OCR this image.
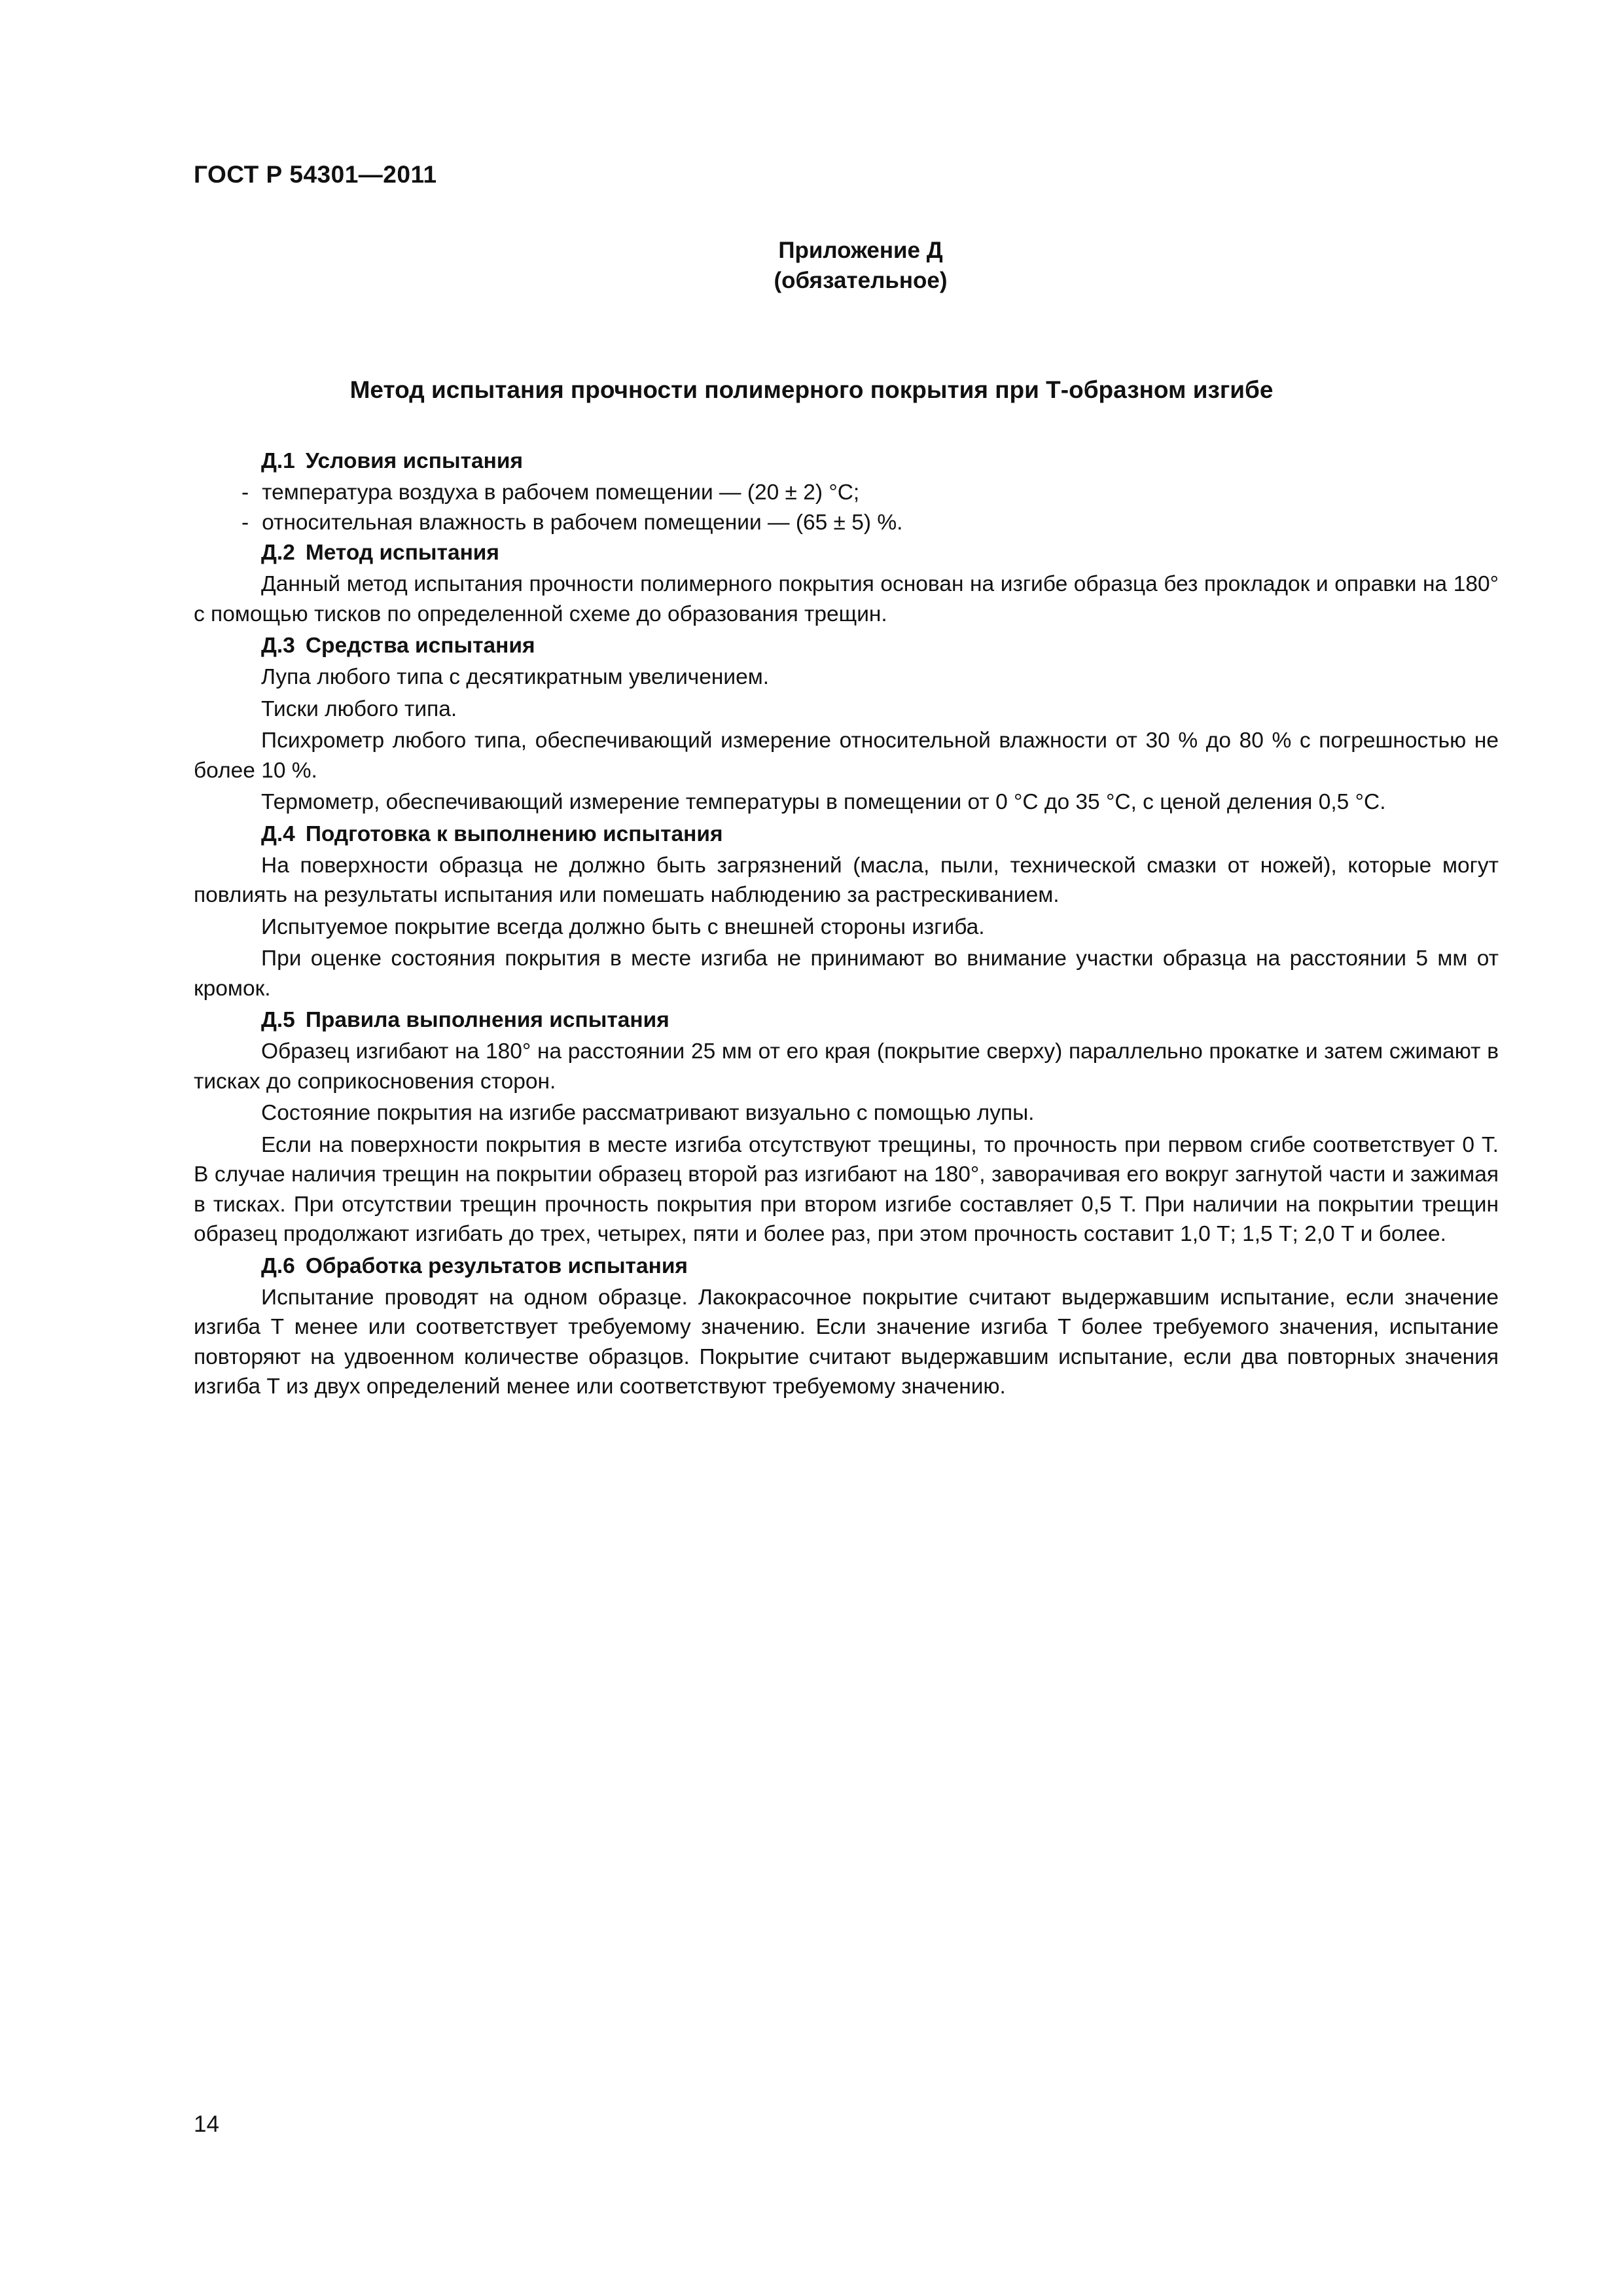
ГОСТ Р 54301—2011
Приложение Д
(обязательное)
Метод испытания прочности полимерного покрытия при Т-образном изгибе

Д.1 Условия испытания

- температура воздуха в рабочем помещении — (20 ± 2) °С;

- относительная влажность в рабочем помещении — (65 ± 5) %.

Д.2 Метод испытания

Данный метод испытания прочности полимерного покрытия основан на изгибе образца без прокладок и оправки на 180° с помощью тисков по определенной схеме до образования трещин.

Д.3 Средства испытания

Лупа любого типа с десятикратным увеличением.

Тиски любого типа.

Психрометр любого типа, обеспечивающий измерение относительной влажности от 30 % до 80 % с погрешностью не более 10 %.

Термометр, обеспечивающий измерение температуры в помещении от 0 °С до 35 °С, с ценой деления 0,5 °С.

Д.4 Подготовка к выполнению испытания

На поверхности образца не должно быть загрязнений (масла, пыли, технической смазки от ножей), которые могут повлиять на результаты испытания или помешать наблюдению за растрескиванием.

Испытуемое покрытие всегда должно быть с внешней стороны изгиба.

При оценке состояния покрытия в месте изгиба не принимают во внимание участки образца на расстоянии 5 мм от кромок.

Д.5 Правила выполнения испытания

Образец изгибают на 180° на расстоянии 25 мм от его края (покрытие сверху) параллельно прокатке и затем сжимают в тисках до соприкосновения сторон.

Состояние покрытия на изгибе рассматривают визуально с помощью лупы.

Если на поверхности покрытия в месте изгиба отсутствуют трещины, то прочность при первом сгибе соответствует 0 Т. В случае наличия трещин на покрытии образец второй раз изгибают на 180°, заворачивая его вокруг загнутой части и зажимая в тисках. При отсутствии трещин прочность покрытия при втором изгибе составляет 0,5 Т. При наличии на покрытии трещин образец продолжают изгибать до трех, четырех, пяти и более раз, при этом прочность составит 1,0 Т; 1,5 Т; 2,0 Т и более.

Д.6 Обработка результатов испытания

Испытание проводят на одном образце. Лакокрасочное покрытие считают выдержавшим испытание, если значение изгиба Т менее или соответствует требуемому значению. Если значение изгиба Т более требуемого значения, испытание повторяют на удвоенном количестве образцов. Покрытие считают выдержавшим испытание, если два повторных значения изгиба Т из двух определений менее или соответствуют требуемому значению.

14
